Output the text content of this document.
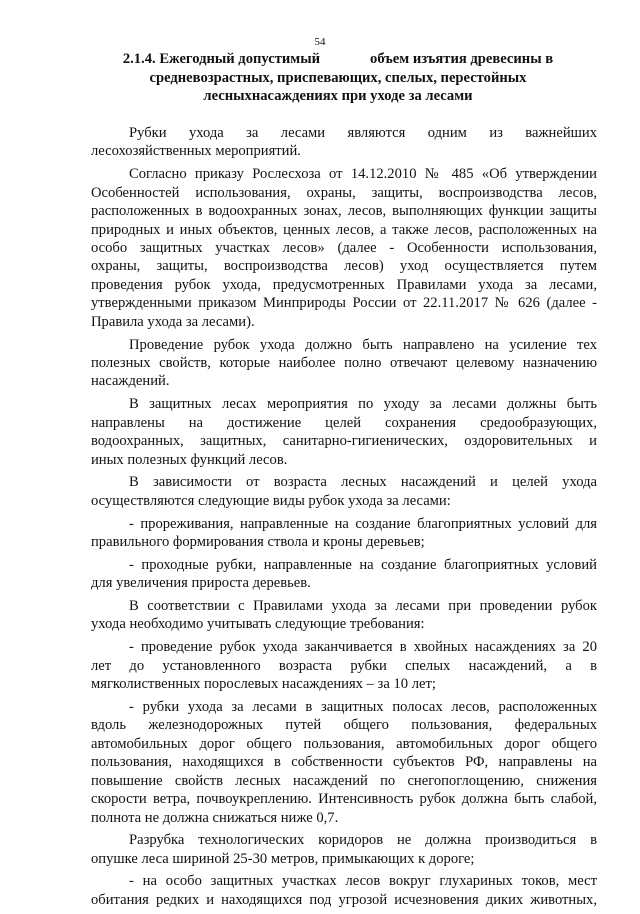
54
2.1.4. Ежегодный допустимый	объем изъятия древесины в
средневозрастных, приспевающих, спелых, перестойных
лесныхнасаждениях при уходе за лесами
Рубки ухода за лесами являются одним из важнейших
лесохозяйственных мероприятий.
Согласно приказу Рослесхоза от 14.12.2010 № 485 «Об утверждении
Особенностей использования, охраны, защиты, воспроизводства лесов,
расположенных в водоохранных зонах, лесов, выполняющих функции защиты
природных и иных объектов, ценных лесов, а также лесов, расположенных на
особо защитных участках лесов» (далее - Особенности использования,
охраны, защиты, воспроизводства лесов) уход осуществляется путем
проведения рубок ухода, предусмотренных Правилами ухода за лесами,
утвержденными приказом Минприроды России от 22.11.2017 № 626 (далее -
Правила ухода за лесами).
Проведение рубок ухода должно быть направлено на усиление тех
полезных свойств, которые наиболее полно отвечают целевому назначению
насаждений.
В защитных лесах мероприятия по уходу за лесами должны быть
направлены на достижение целей сохранения средообразующих,
водоохранных, защитных, санитарно-гигиенических, оздоровительных и
иных полезных функций лесов.
В зависимости от возраста лесных насаждений и целей ухода
осуществляются следующие виды рубок ухода за лесами:
- прореживания, направленные на создание благоприятных условий для
правильного формирования ствола и кроны деревьев;
- проходные рубки, направленные на создание благоприятных условий
для увеличения прироста деревьев.
В соответствии с Правилами ухода за лесами при проведении рубок
ухода необходимо учитывать следующие требования:
- проведение рубок ухода заканчивается в хвойных насаждениях за 20
лет до установленного возраста рубки спелых насаждений, а в
мягколиственных порослевых насаждениях – за 10 лет;
- рубки ухода за лесами в защитных полосах лесов, расположенных
вдоль железнодорожных путей общего пользования, федеральных
автомобильных дорог общего пользования, автомобильных дорог общего
пользования, находящихся в собственности субъектов РФ, направлены на
повышение свойств лесных насаждений по снегопоглощению, снижения
скорости ветра, почвоукреплению. Интенсивность рубок должна быть слабой,
полнота не должна снижаться ниже 0,7.
Разрубка технологических коридоров не должна производиться в
опушке леса шириной 25-30 метров, примыкающих к дороге;
- на особо защитных участках лесов вокруг глухариных токов, мест
обитания редких и находящихся под угрозой исчезновения диких животных,
